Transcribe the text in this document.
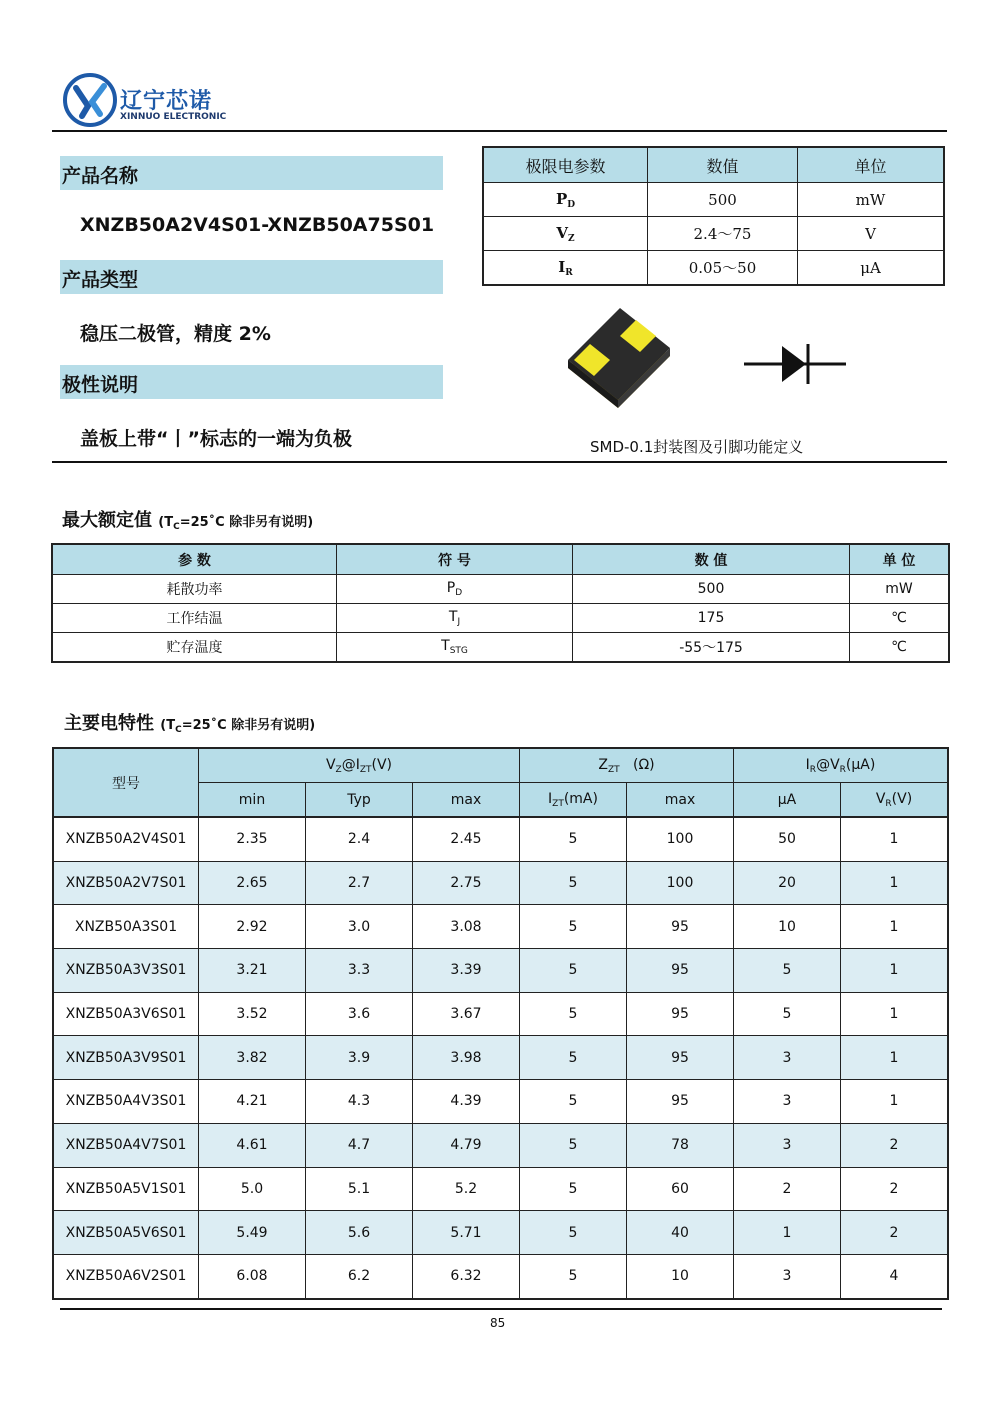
辽宁芯诺
XINNUO ELECTRONIC
产品名称
XNZB50A2V4S01-XNZB50A75S01
产品类型
稳压二极管，精度 2%
极性说明
盖板上带“丨”标志的一端为负极
极限电参数	数值	单位
$P_D$	500	mW
$V_Z$	2.4～75	V
$I_R$	0.05～50	μA
SMD-0.1封装图及引脚功能定义
最大额定值 ($T_C=25˚C$ 除非另有说明)
参 数	符 号	数 值	单 位
耗散功率	$P_D$	500	mW
工作结温	$T_J$	175	℃
贮存温度	$T_{STG}$	-55～175	℃
主要电特性 ($T_C=25˚C$ 除非另有说明)
型号	$V_Z@I_{ZT}(V)$			$Z_{ZT}$ (Ω)		$I_R@V_R(\mu A)$	
	min	Typ	max	$I_{ZT}(mA)$	max	μA	$V_R(V)$
XNZB50A2V4S01	2.35	2.4	2.45	5	100	50	1
XNZB50A2V7S01	2.65	2.7	2.75	5	100	20	1
XNZB50A3S01	2.92	3.0	3.08	5	95	10	1
XNZB50A3V3S01	3.21	3.3	3.39	5	95	5	1
XNZB50A3V6S01	3.52	3.6	3.67	5	95	5	1
XNZB50A3V9S01	3.82	3.9	3.98	5	95	3	1
XNZB50A4V3S01	4.21	4.3	4.39	5	95	3	1
XNZB50A4V7S01	4.61	4.7	4.79	5	78	3	2
XNZB50A5V1S01	5.0	5.1	5.2	5	60	2	2
XNZB50A5V6S01	5.49	5.6	5.71	5	40	1	2
XNZB50A6V2S01	6.08	6.2	6.32	5	10	3	4
85
